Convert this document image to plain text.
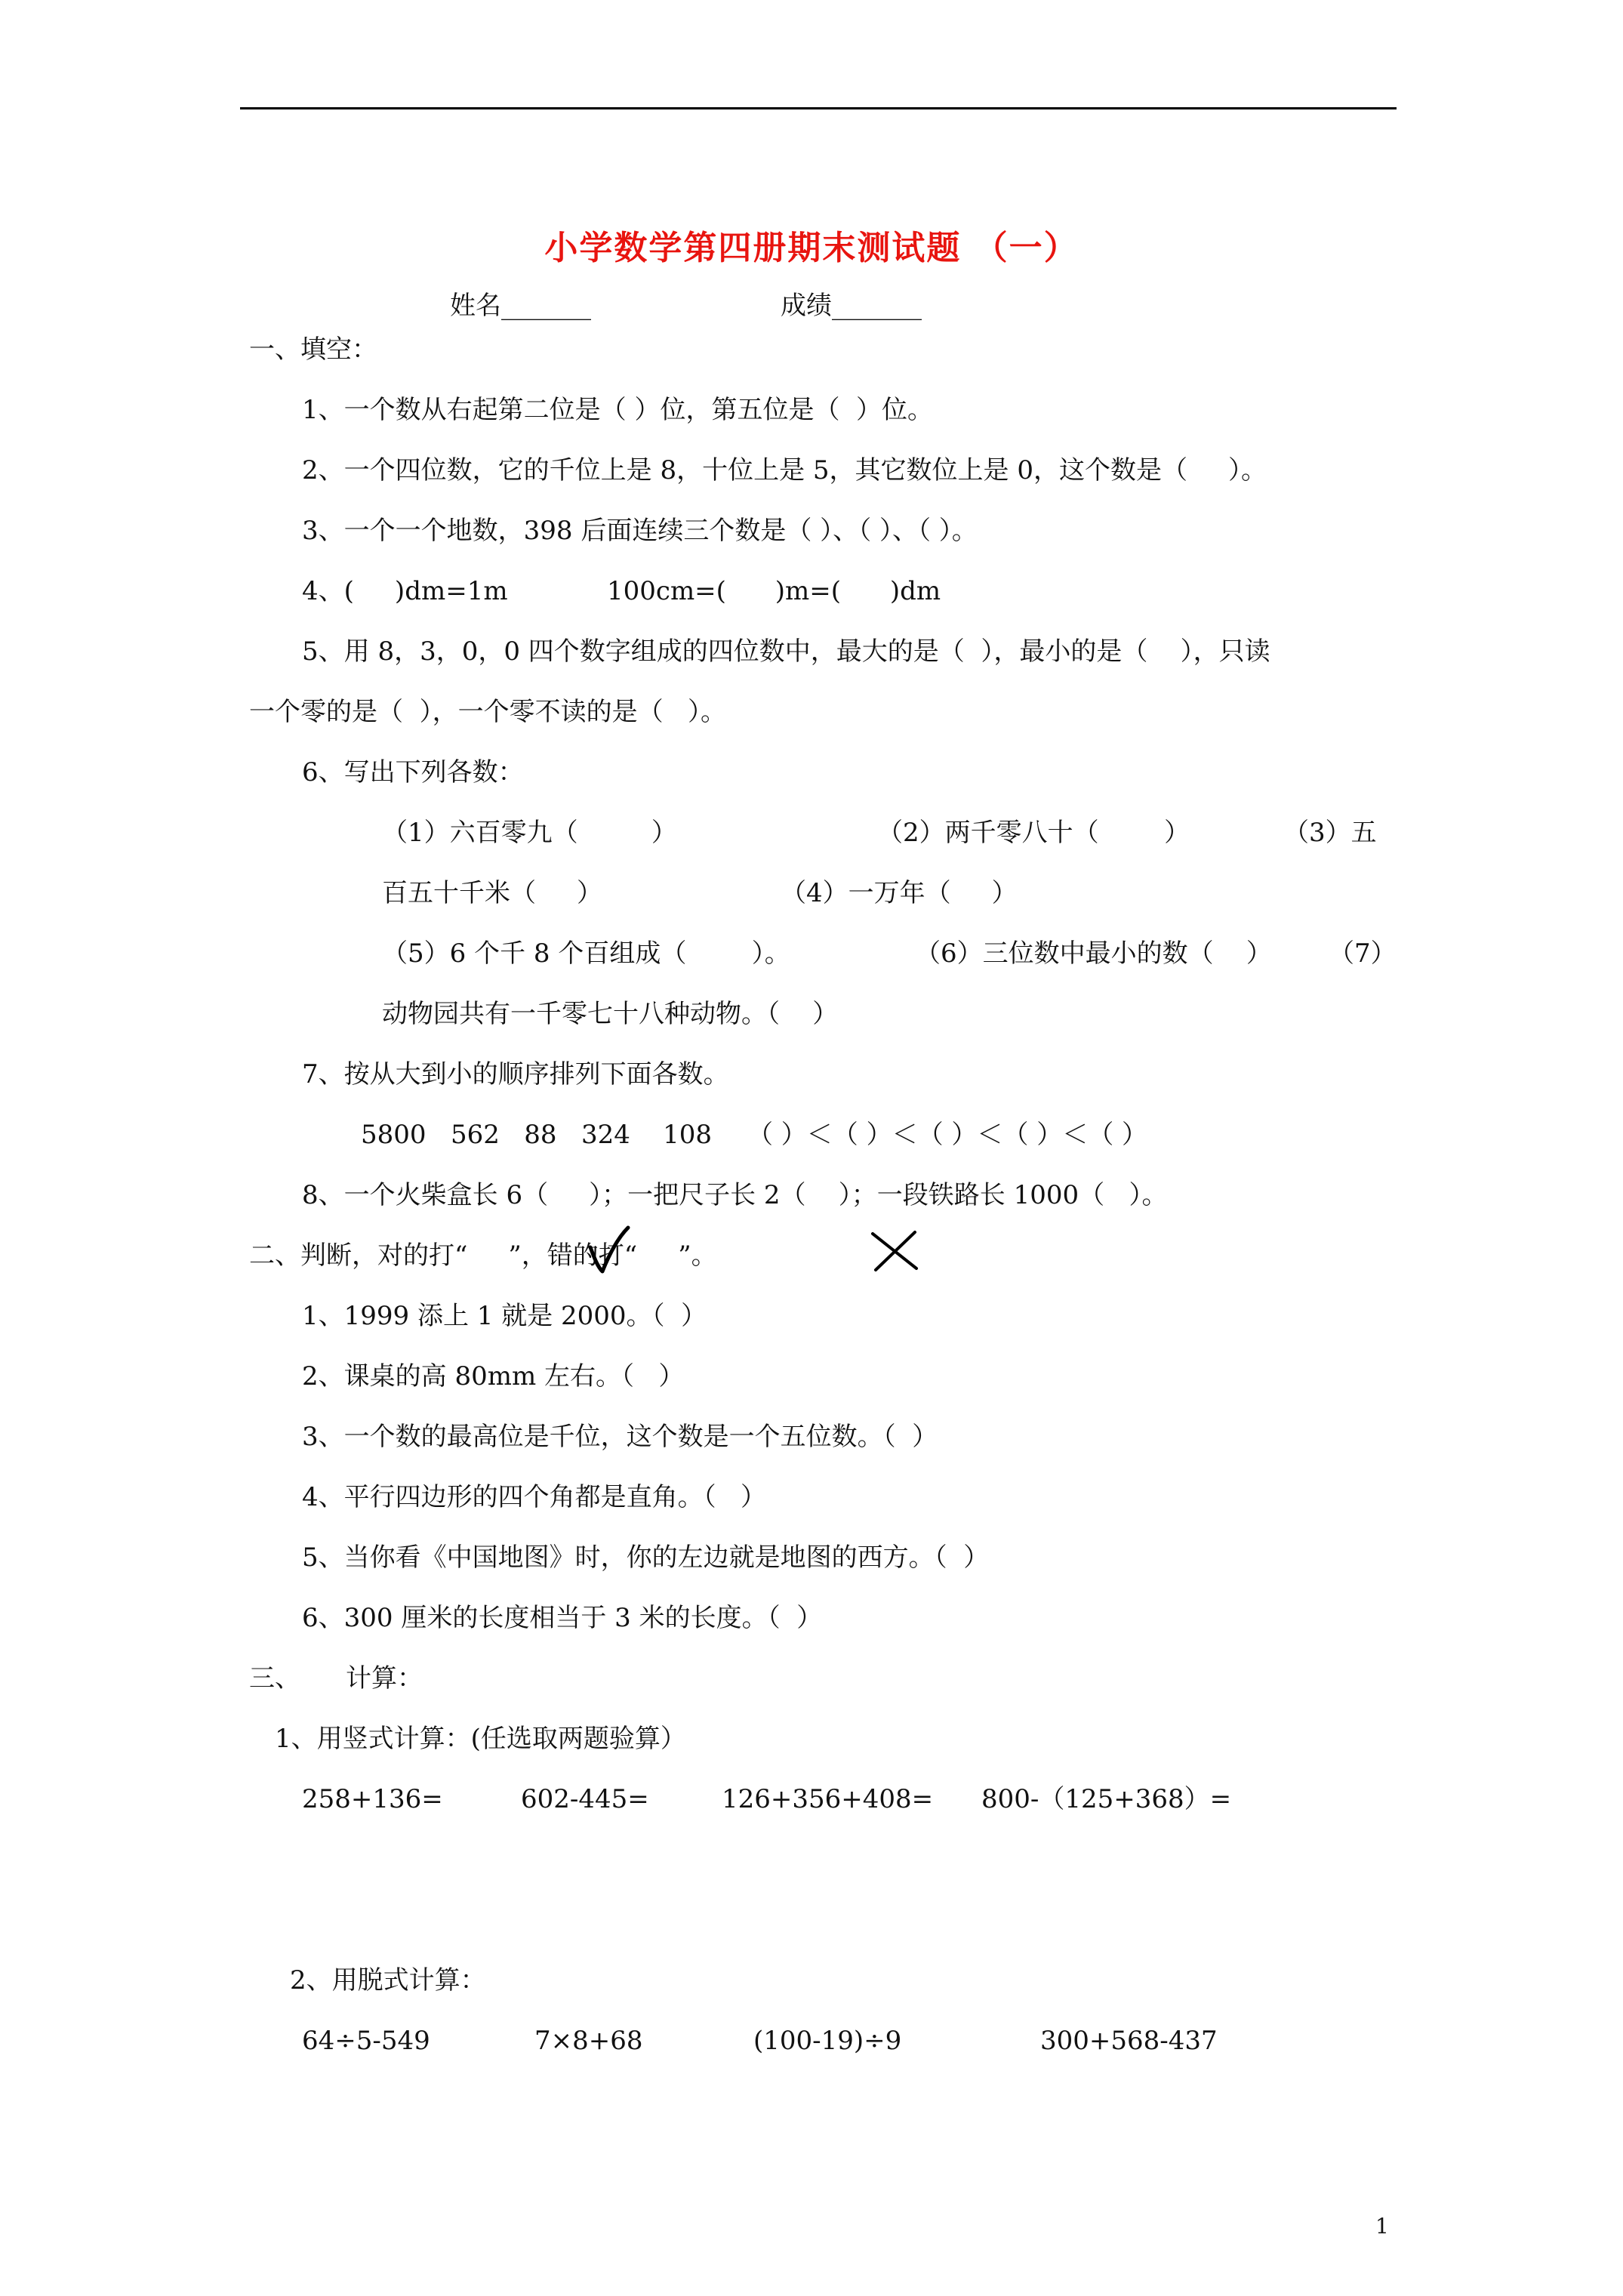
小学数学第四册期末测试题 （一）
姓名_______	成绩_______
一、填空：
1、一个数从右起第二位是（ ）位，第五位是（  ）位。
2、一个四位数，它的千位上是 8，十位上是 5，其它数位上是 0，这个数是（     ）。
3、一个一个地数，398 后面连续三个数是（ ）、（ ）、（ ）。
4、(     )dm=1m	100cm=(      )m=(      )dm
5、用 8，3，0，0 四个数字组成的四位数中，最大的是（  ），最小的是（    ），只读
一个零的是（  ），一个零不读的是（   ）。
6、写出下列各数：
（1）六百零九（         ）	（2）两千零八十（        ）	（3）五
百五十千米（     ）	（4）一万年（     ）
（5）6 个千 8 个百组成（        ）。	（6）三位数中最小的数（    ） （7）
动物园共有一千零七十八种动物。（    ）
7、按从大到小的顺序排列下面各数。
5800   562   88   324    108 （ ）＜（ ）＜（ ）＜（ ）＜（ ）
8、一个火柴盒长 6（     ）；一把尺子长 2（    ）；一段铁路长 1000（   ）。
二、判断，对的打“     ”，错的打“     ”。
1、1999 添上 1 就是 2000。（  ）
2、课桌的高 80mm 左右。（   ）
3、一个数的最高位是千位，这个数是一个五位数。（  ）
4、平行四边形的四个角都是直角。（   ）
5、当你看《中国地图》时，你的左边就是地图的西方。（  ）
6、300 厘米的长度相当于 3 米的长度。（  ）
三、 计算：
1、用竖式计算：(任选取两题验算）
258+136=	602-445=	126+356+408= 800-（125+368）=
2、用脱式计算：
64÷5-549	7×8+68	(100-19)÷9	300+568-437
1
